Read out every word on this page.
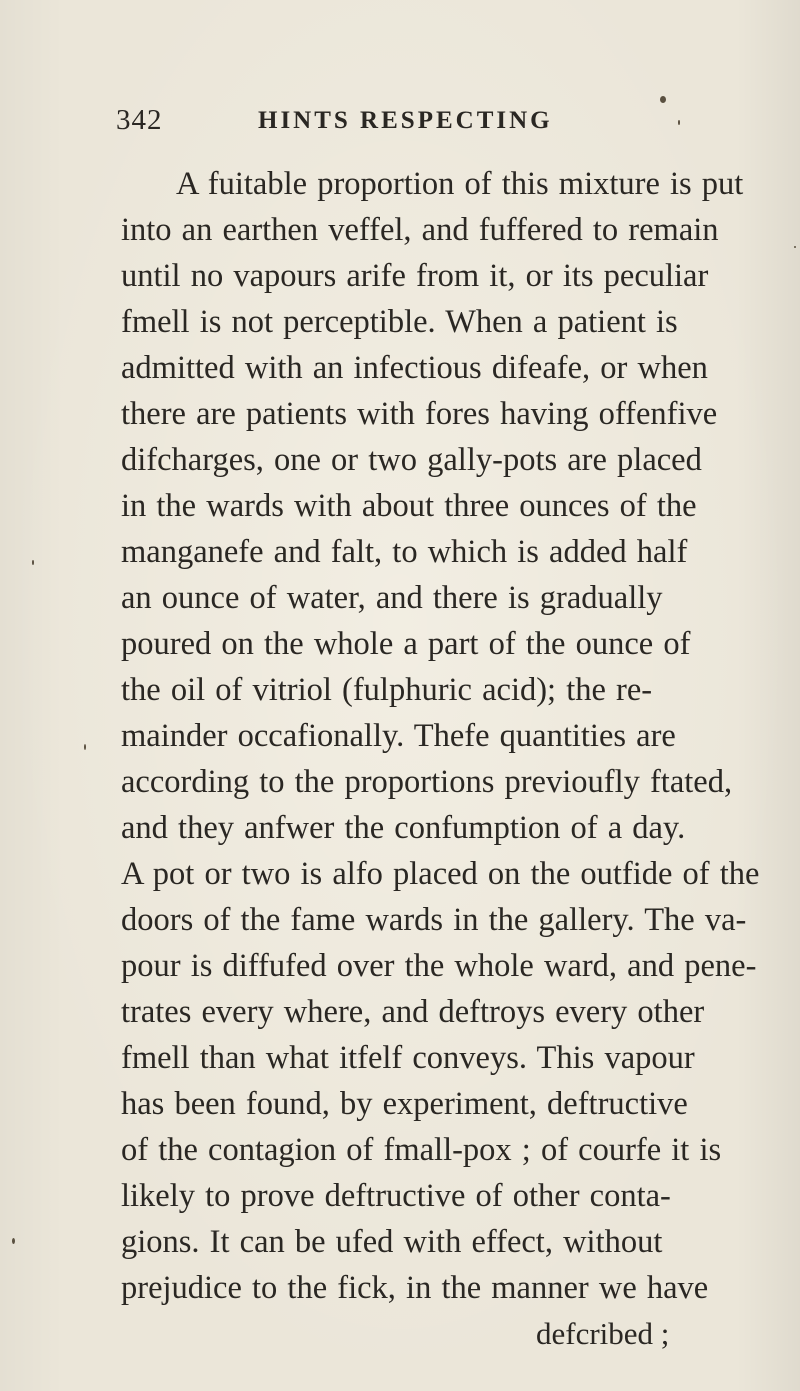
342	HINTS RESPECTING
A fuitable proportion of this mixture is put
into an earthen veffel, and fuffered to remain
until no vapours arife from it, or its peculiar
fmell is not perceptible. When a patient is
admitted with an infectious difeafe, or when
there are patients with fores having offenfive
difcharges, one or two gally-pots are placed
in the wards with about three ounces of the
manganefe and falt, to which is added half
an ounce of water, and there is gradually
poured on the whole a part of the ounce of
the oil of vitriol (fulphuric acid); the re-
mainder occafionally. Thefe quantities are
according to the proportions previoufly ftated,
and they anfwer the confumption of a day.
A pot or two is alfo placed on the outfide of the
doors of the fame wards in the gallery. The va-
pour is diffufed over the whole ward, and pene-
trates every where, and deftroys every other
fmell than what itfelf conveys. This vapour
has been found, by experiment, deftructive
of the contagion of fmall-pox ; of courfe it is
likely to prove deftructive of other conta-
gions. It can be ufed with effect, without
prejudice to the fick, in the manner we have
defcribed ;
